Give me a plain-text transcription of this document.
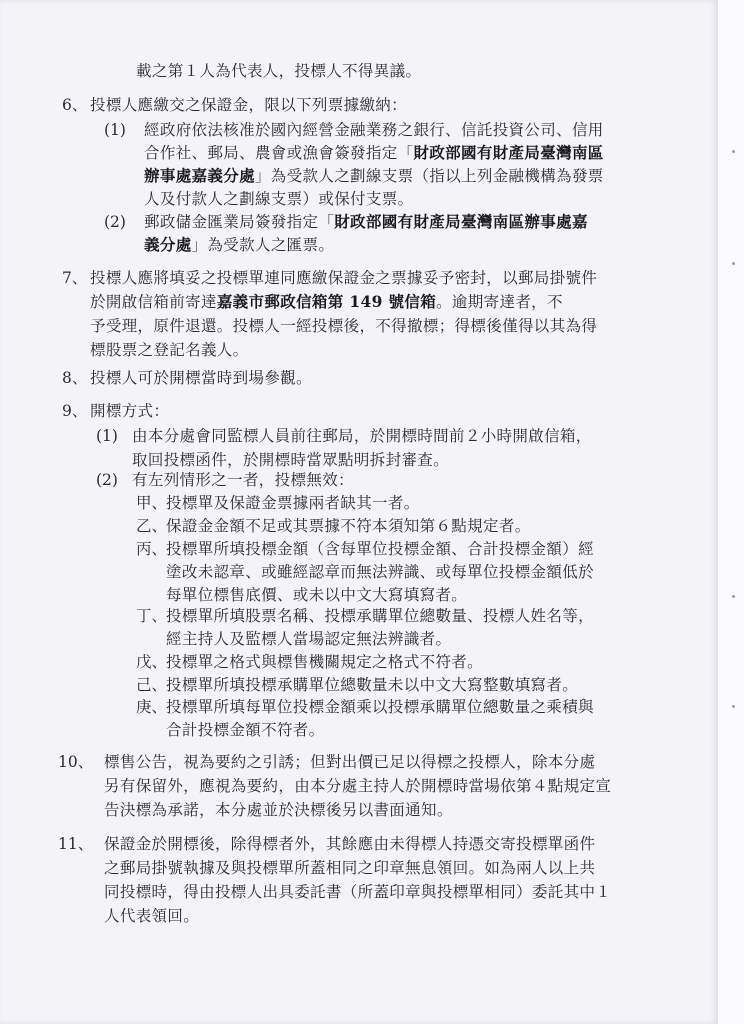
載之第１人為代表人，投標人不得異議。
6、 投標人應繳交之保證金，限以下列票據繳納：
(1) 經政府依法核准於國內經營金融業務之銀行、信託投資公司、信用
合作社、郵局、農會或漁會簽發指定「財政部國有財產局臺灣南區
辦事處嘉義分處」為受款人之劃線支票（指以上列金融機構為發票
人及付款人之劃線支票）或保付支票。
(2) 郵政儲金匯業局簽發指定「財政部國有財產局臺灣南區辦事處嘉
義分處」為受款人之匯票。
7、 投標人應將填妥之投標單連同應繳保證金之票據妥予密封，以郵局掛號件
於開啟信箱前寄達嘉義市郵政信箱第 149 號信箱。逾期寄達者，不
予受理，原件退還。投標人一經投標後，不得撤標；得標後僅得以其為得
標股票之登記名義人。
8、 投標人可於開標當時到場參觀。
9、 開標方式：
(1) 由本分處會同監標人員前往郵局，於開標時間前２小時開啟信箱，
取回投標函件，於開標時當眾點明拆封審查。
(2) 有左列情形之一者，投標無效：
甲、
投標單及保證金票據兩者缺其一者。
乙、
保證金金額不足或其票據不符本須知第６點規定者。
丙、
投標單所填投標金額（含每單位投標金額、合計投標金額）經
塗改未認章、或雖經認章而無法辨識、或每單位投標金額低於
每單位標售底價、或未以中文大寫填寫者。
丁、
投標單所填股票名稱、投標承購單位總數量、投標人姓名等，
經主持人及監標人當場認定無法辨識者。
戊、
投標單之格式與標售機關規定之格式不符者。
己、
投標單所填投標承購單位總數量未以中文大寫整數填寫者。
庚、
投標單所填每單位投標金額乘以投標承購單位總數量之乘積與
合計投標金額不符者。
10、 標售公告，視為要約之引誘；但對出價已足以得標之投標人，除本分處
另有保留外，應視為要約，由本分處主持人於開標時當場依第４點規定宣
告決標為承諾，本分處並於決標後另以書面通知。
11、 保證金於開標後，除得標者外，其餘應由未得標人持憑交寄投標單函件
之郵局掛號執據及與投標單所蓋相同之印章無息領回。如為兩人以上共
同投標時，得由投標人出具委託書（所蓋印章與投標單相同）委託其中１
人代表領回。
